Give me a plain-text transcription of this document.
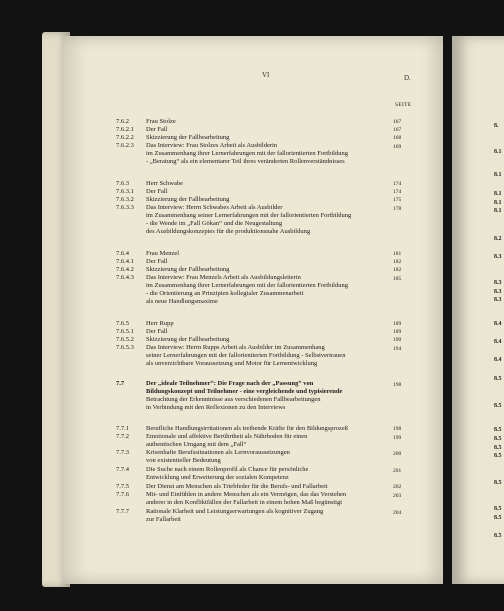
VI	D.
SEITE
7.6.2	Frau Stolze	167
7.6.2.1 Der Fall	167
7.6.2.2 Skizzierung der Fallbearbeitung	168
7.6.2.3 Das Interview: Frau Stolzes Arbeit als Ausbilderin
im Zusammenhang ihrer Lernerfahrungen mit der fallorientierten Fortbildung
- „Beratung“ als ein elementarer Teil ihres veränderten Rollenverständnisses
169
7.6.3	Herr Schwabe	174
7.6.3.1 Der Fall	174
7.6.3.2 Skizzierung der Fallbearbeitung	175
7.6.3.3 Das Interview: Herrn Schwabes Arbeit als Ausbilder
im Zusammenhang seiner Lernerfahrungen mit der fallorientierten Fortbildung
- die Wende im „Fall Gökan“ und die Neugestaltung
des Ausbildungskonzeptes für die produktionsnahe Ausbildung
178
7.6.4	Frau Menzel	181
7.6.4.1 Der Fall	182
7.6.4.2 Skizzierung der Fallbearbeitung	182
7.6.4.3 Das Interview: Frau Menzels Arbeit als Ausbildungsleiterin
im Zusammenhang ihrer Lernerfahrungen mit der fallorientierten Fortbildung
- die Orientierung an Prinzipien kollegialer Zusammenarbeit
als neue Handlungsmaxime
185
7.6.5	Herr Rupp	189
7.6.5.1 Der Fall	189
7.6.5.2 Skizzierung der Fallbearbeitung	190
7.6.5.3 Das Interview: Herrn Rupps Arbeit als Ausbilder im Zusammenhang
seiner Lernerfahrungen mit der fallorientierten Fortbildung - Selbstvertrauen
als unverzichtbare Voraussetzung und Motor für Lernentwicklung
194
7.7	Der „ideale Teilnehmer“: Die Frage nach der „Passung“ von
Bildungskonzept und Teilnehmer - eine vergleichende und typisierende
Betrachtung der Erkenntnisse aus verschiedenen Fallbearbeitungen
in Verbindung mit den Reflexionen zu den Interviews
198
7.7.1	Berufliche Handlungsirritationen als treibende Kräfte für den Bildungsprozeß	198
7.7.2	Emotionale und affektive Berührtheit als Nährboden für einen
authentischen Umgang mit dem „Fall“
199
7.7.3	Krisenhafte Berufssituationen als Lernvoraussetzungen
von existentieller Bedeutung
200
7.7.4	Die Suche nach einem Rollenprofil als Chance für persönliche
Entwicklung und Erweiterung der sozialen Kompetenz
201
7.7.5	Der Dienst am Menschen als Triebfeder für die Berufs- und Fallarbeit	202
7.7.6	Mit- und Einfühlen in andere Menschen als ein Vermögen, das das Verstehen
anderer in den Konfliktfällen der Fallarbeit in einem hohen Maß begünstigt
203
7.7.7	Rationale Klarheit und Leistungserwartungen als kognitiver Zugang
zur Fallarbeit
204
8.
8.1
8.1
8.1
8.1
8.1
8.2
8.3
8.3
8.3
8.3
8.4
8.4
8.4
8.5
8.5
8.5
8.5
8.5
8.5
8.5
8.5
8.5
8.5
